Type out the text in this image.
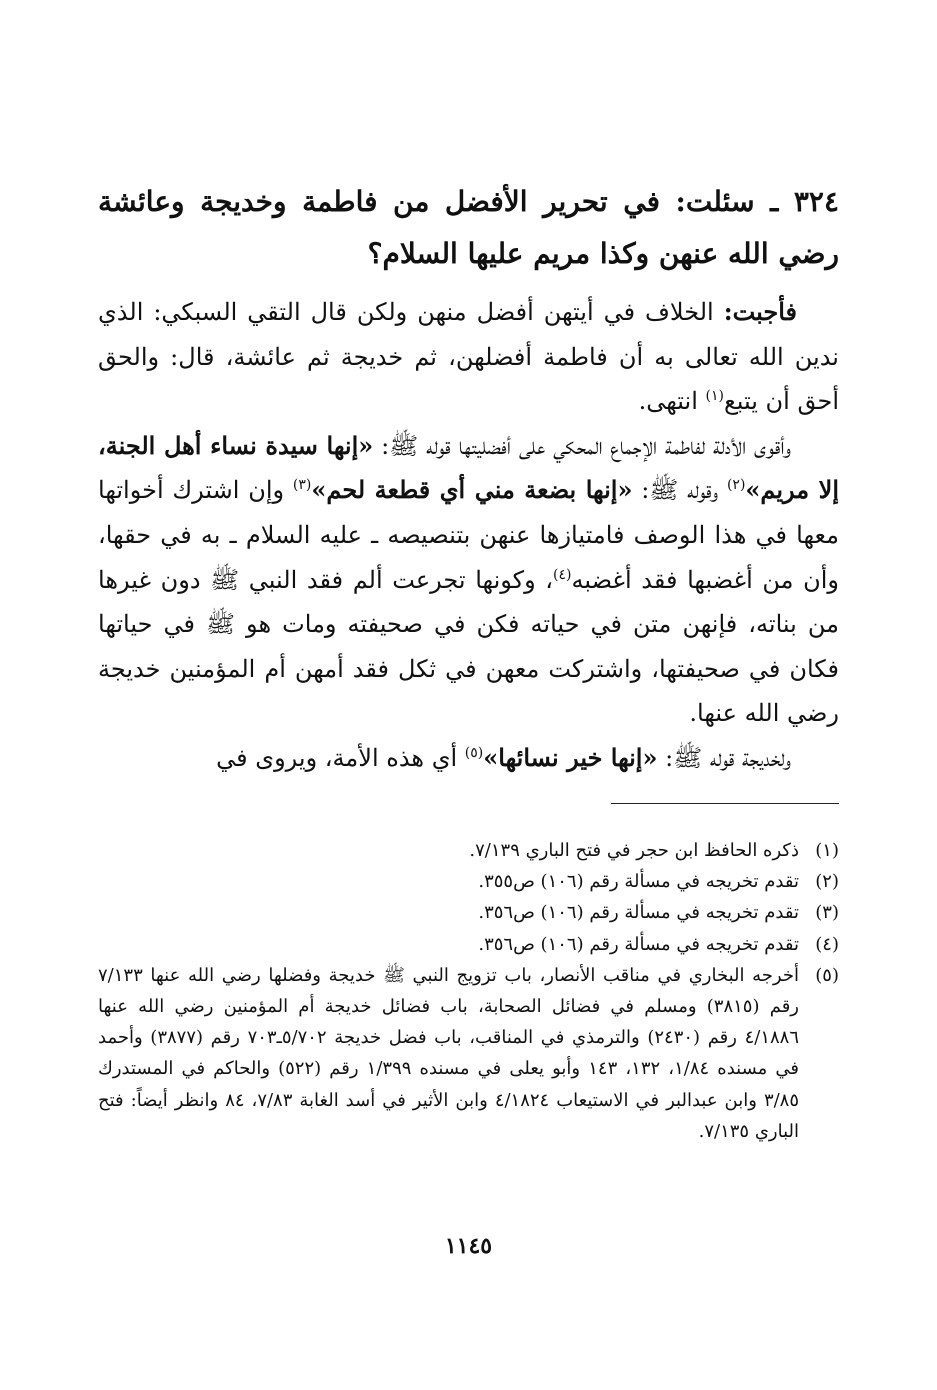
٣٢٤ ـ سئلت: في تحرير الأفضل من فاطمة وخديجة وعائشة رضي الله عنهن وكذا مريم عليها السلام؟

فأجبت: الخلاف في أيتهن أفضل منهن ولكن قال التقي السبكي: الذي ندين الله تعالى به أن فاطمة أفضلهن، ثم خديجة ثم عائشة، قال: والحق أحق أن يتبع$^{(١)}$ انتهى.

وأقوى الأدلة لفاطمة الإجماع المحكي على أفضليتها قوله ﷺ: «إنها سيدة نساء أهل الجنة، إلا مريم»$^{(٢)}$ وقوله ﷺ: «إنها بضعة مني أي قطعة لحم»$^{(٣)}$ وإن اشترك أخواتها معها في هذا الوصف فامتيازها عنهن بتنصيصه ـ عليه السلام ـ به في حقها، وأن من أغضبها فقد أغضبه$^{(٤)}$، وكونها تجرعت ألم فقد النبي ﷺ دون غيرها من بناته، فإنهن متن في حياته فكن في صحيفته ومات هو ﷺ في حياتها فكان في صحيفتها، واشتركت معهن في ثكل فقد أمهن أم المؤمنين خديجة رضي الله عنها.

ولخديجة قوله ﷺ: «إنها خير نسائها»$^{(٥)}$ أي هذه الأمة، ويروى في

(١)
ذكره الحافظ ابن حجر في فتح الباري ٧/١٣٩.
(٢)
تقدم تخريجه في مسألة رقم (١٠٦) ص٣٥٥.
(٣)
تقدم تخريجه في مسألة رقم (١٠٦) ص٣٥٦.
(٤)
تقدم تخريجه في مسألة رقم (١٠٦) ص٣٥٦.
(٥)
أخرجه البخاري في مناقب الأنصار، باب تزويج النبي ﷺ خديجة وفضلها رضي الله عنها ٧/١٣٣ رقم (٣٨١٥) ومسلم في فضائل الصحابة، باب فضائل خديجة أم المؤمنين رضي الله عنها ٤/١٨٨٦ رقم (٢٤٣٠) والترمذي في المناقب، باب فضل خديجة ٥/٧٠٢ـ٧٠٣ رقم (٣٨٧٧) وأحمد في مسنده ١/٨٤، ١٣٢، ١٤٣ وأبو يعلى في مسنده ١/٣٩٩ رقم (٥٢٢) والحاكم في المستدرك ٣/٨٥ وابن عبدالبر في الاستيعاب ٤/١٨٢٤ وابن الأثير في أسد الغابة ٧/٨٣، ٨٤ وانظر أيضاً: فتح الباري ٧/١٣٥.
١١٤٥
